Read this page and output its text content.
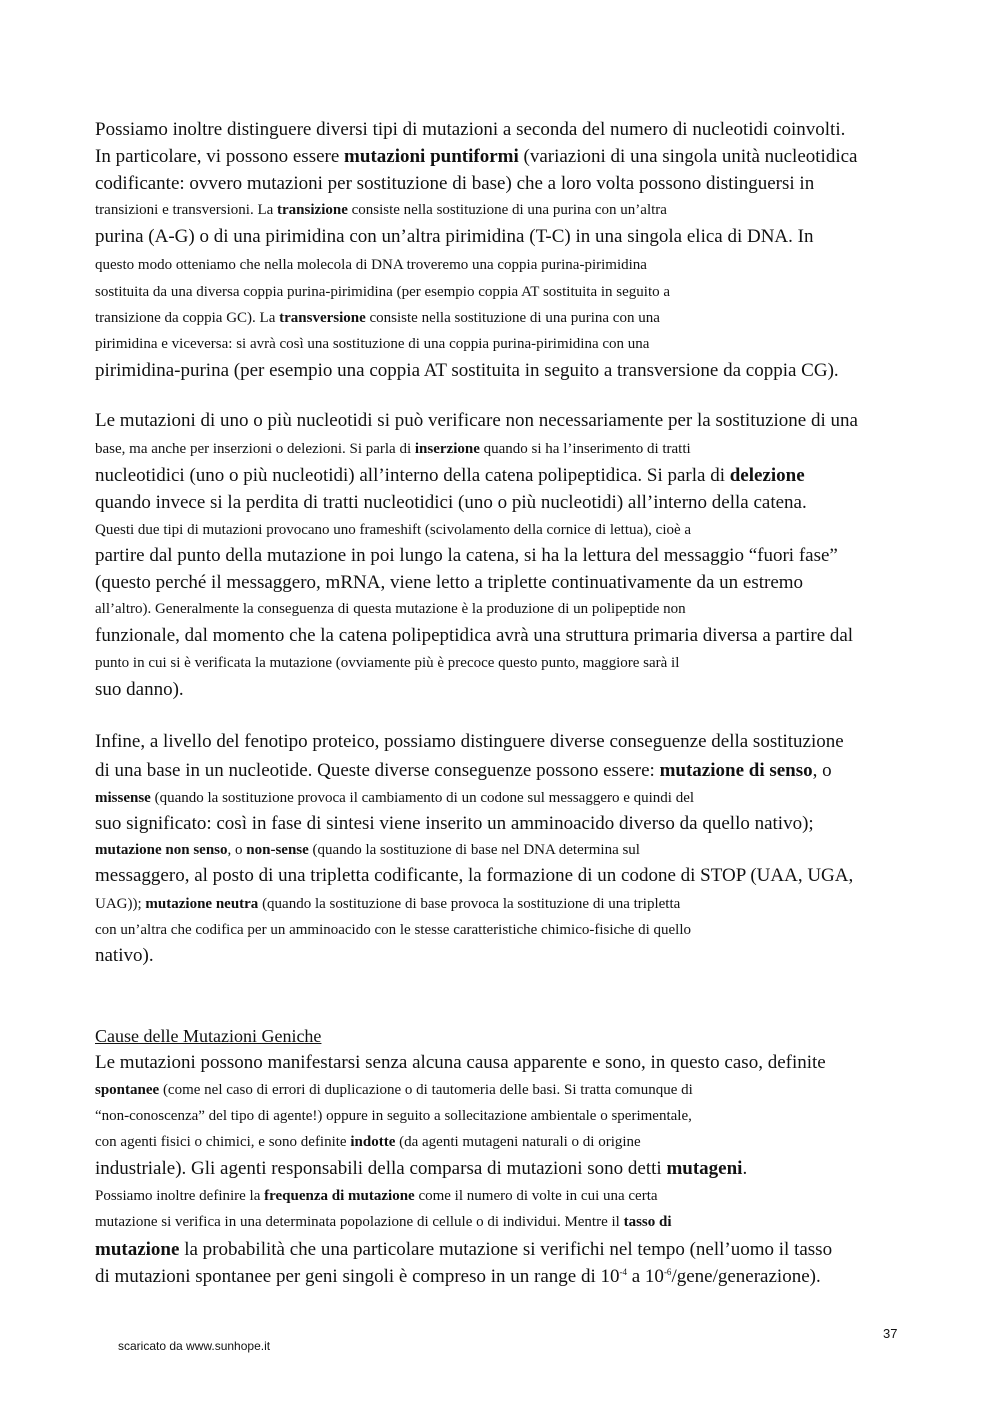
Possiamo inoltre distinguere diversi tipi di mutazioni a seconda del numero di nucleotidi coinvolti.
In particolare, vi possono essere mutazioni puntiformi (variazioni di una singola unità nucleotidica
codificante: ovvero mutazioni per sostituzione di base) che a loro volta possono distinguersi in
transizioni e transversioni. La transizione consiste nella sostituzione di una purina con un’altra
purina (A-G) o di una pirimidina con un’altra pirimidina (T-C) in una singola elica di DNA. In
questo modo otteniamo che nella molecola di DNA troveremo una coppia purina-pirimidina
sostituita da una diversa coppia purina-pirimidina (per esempio coppia AT sostituita in seguito a
transizione da coppia GC). La transversione consiste nella sostituzione di una purina con una
pirimidina e viceversa: si avrà così una sostituzione di una coppia purina-pirimidina con una
pirimidina-purina (per esempio una coppia AT sostituita in seguito a transversione da coppia CG).
Le mutazioni di uno o più nucleotidi si può verificare non necessariamente per la sostituzione di una
base, ma anche per inserzioni o delezioni. Si parla di inserzione quando si ha l’inserimento di tratti
nucleotidici (uno o più nucleotidi) all’interno della catena polipeptidica. Si parla di delezione
quando invece si la perdita di tratti nucleotidici (uno o più nucleotidi) all’interno della catena.
Questi due tipi di mutazioni provocano uno frameshift (scivolamento della cornice di lettua), cioè a
partire dal punto della mutazione in poi lungo la catena, si ha la lettura del messaggio “fuori fase”
(questo perché il messaggero, mRNA, viene letto a triplette continuativamente da un estremo
all’altro). Generalmente la conseguenza di questa mutazione è la produzione di un polipeptide non
funzionale, dal momento che la catena polipeptidica avrà una struttura primaria diversa a partire dal
punto in cui si è verificata la mutazione (ovviamente più è precoce questo punto, maggiore sarà il
suo danno).
Infine, a livello del fenotipo proteico, possiamo distinguere diverse conseguenze della sostituzione
di una base in un nucleotide. Queste diverse conseguenze possono essere: mutazione di senso, o
missense (quando la sostituzione provoca il cambiamento di un codone sul messaggero e quindi del
suo significato: così in fase di sintesi viene inserito un amminoacido diverso da quello nativo);
mutazione non senso, o non-sense (quando la sostituzione di base nel DNA determina sul
messaggero, al posto di una tripletta codificante, la formazione di un codone di STOP (UAA, UGA,
UAG)); mutazione neutra (quando la sostituzione di base provoca la sostituzione di una tripletta
con un’altra che codifica per un amminoacido con le stesse caratteristiche chimico-fisiche di quello
nativo).
Cause delle Mutazioni Geniche
Le mutazioni possono manifestarsi senza alcuna causa apparente e sono, in questo caso, definite
spontanee (come nel caso di errori di duplicazione o di tautomeria delle basi. Si tratta comunque di
“non-conoscenza” del tipo di agente!) oppure in seguito a sollecitazione ambientale o sperimentale,
con agenti fisici o chimici, e sono definite indotte (da agenti mutageni naturali o di origine
industriale). Gli agenti responsabili della comparsa di mutazioni sono detti mutageni.
Possiamo inoltre definire la frequenza di mutazione come il numero di volte in cui una certa
mutazione si verifica in una determinata popolazione di cellule o di individui. Mentre il tasso di
mutazione la probabilità che una particolare mutazione si verifichi nel tempo (nell’uomo il tasso
di mutazioni spontanee per geni singoli è compreso in un range di $10^{-4}$ a $10^{-6}/gene/generazione$).
scaricato da www.sunhope.it
37
